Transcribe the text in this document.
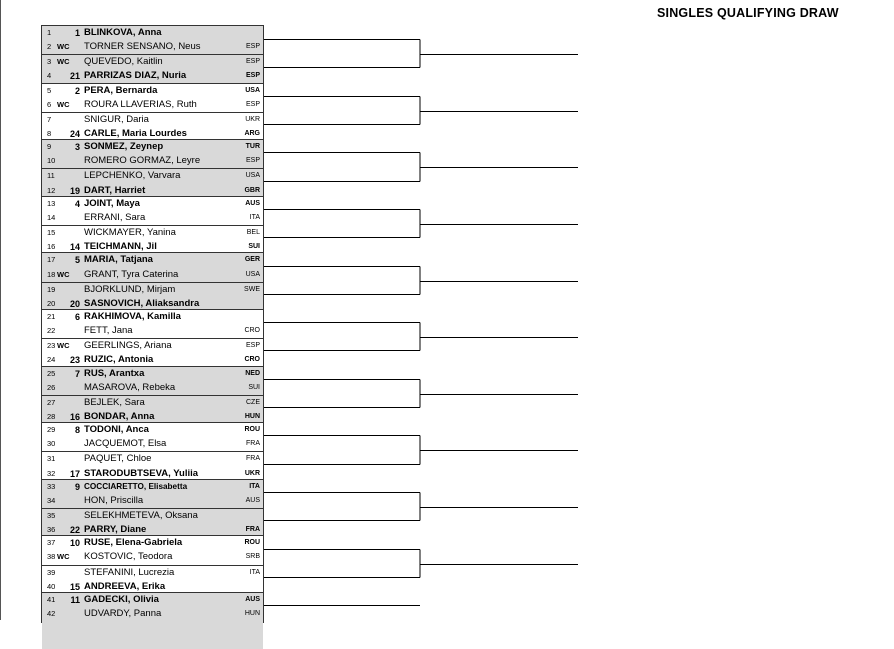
SINGLES QUALIFYING DRAW
1	1 BLINKOVA, Anna
2 WC TORNER SENSANO, Neus	ESP
3 WC QUEVEDO, Kaitlin	ESP
4	21 PARRIZAS DIAZ, Nuria	ESP
5	2 PERA, Bernarda	USA
6 WC ROURA LLAVERIAS, Ruth	ESP
7	SNIGUR, Daria	UKR
8	24 CARLE, Maria Lourdes	ARG
9	3 SONMEZ, Zeynep	TUR
10	ROMERO GORMAZ, Leyre	ESP
11	LEPCHENKO, Varvara	USA
12	19 DART, Harriet	GBR
13	4 JOINT, Maya	AUS
14	ERRANI, Sara	ITA
15	WICKMAYER, Yanina	BEL
16	14 TEICHMANN, Jil	SUI
17	5 MARIA, Tatjana	GER
18 WC GRANT, Tyra Caterina	USA
19	BJORKLUND, Mirjam	SWE
20	20 SASNOVICH, Aliaksandra
21	6 RAKHIMOVA, Kamilla
22	FETT, Jana	CRO
23 WC GEERLINGS, Ariana	ESP
24	23 RUZIC, Antonia	CRO
25	7 RUS, Arantxa	NED
26	MASAROVA, Rebeka	SUI
27	BEJLEK, Sara	CZE
28	16 BONDAR, Anna	HUN
29	8 TODONI, Anca	ROU
30	JACQUEMOT, Elsa	FRA
31	PAQUET, Chloe	FRA
32	17 STARODUBTSEVA, Yuliia	UKR
33	9 COCCIARETTO, Elisabetta	ITA
34	HON, Priscilla	AUS
35	SELEKHMETEVA, Oksana
36	22 PARRY, Diane	FRA
37	10 RUSE, Elena-Gabriela	ROU
38 WC KOSTOVIC, Teodora	SRB
39	STEFANINI, Lucrezia	ITA
40	15 ANDREEVA, Erika
41	11 GADECKI, Olivia	AUS
42	UDVARDY, Panna	HUN
